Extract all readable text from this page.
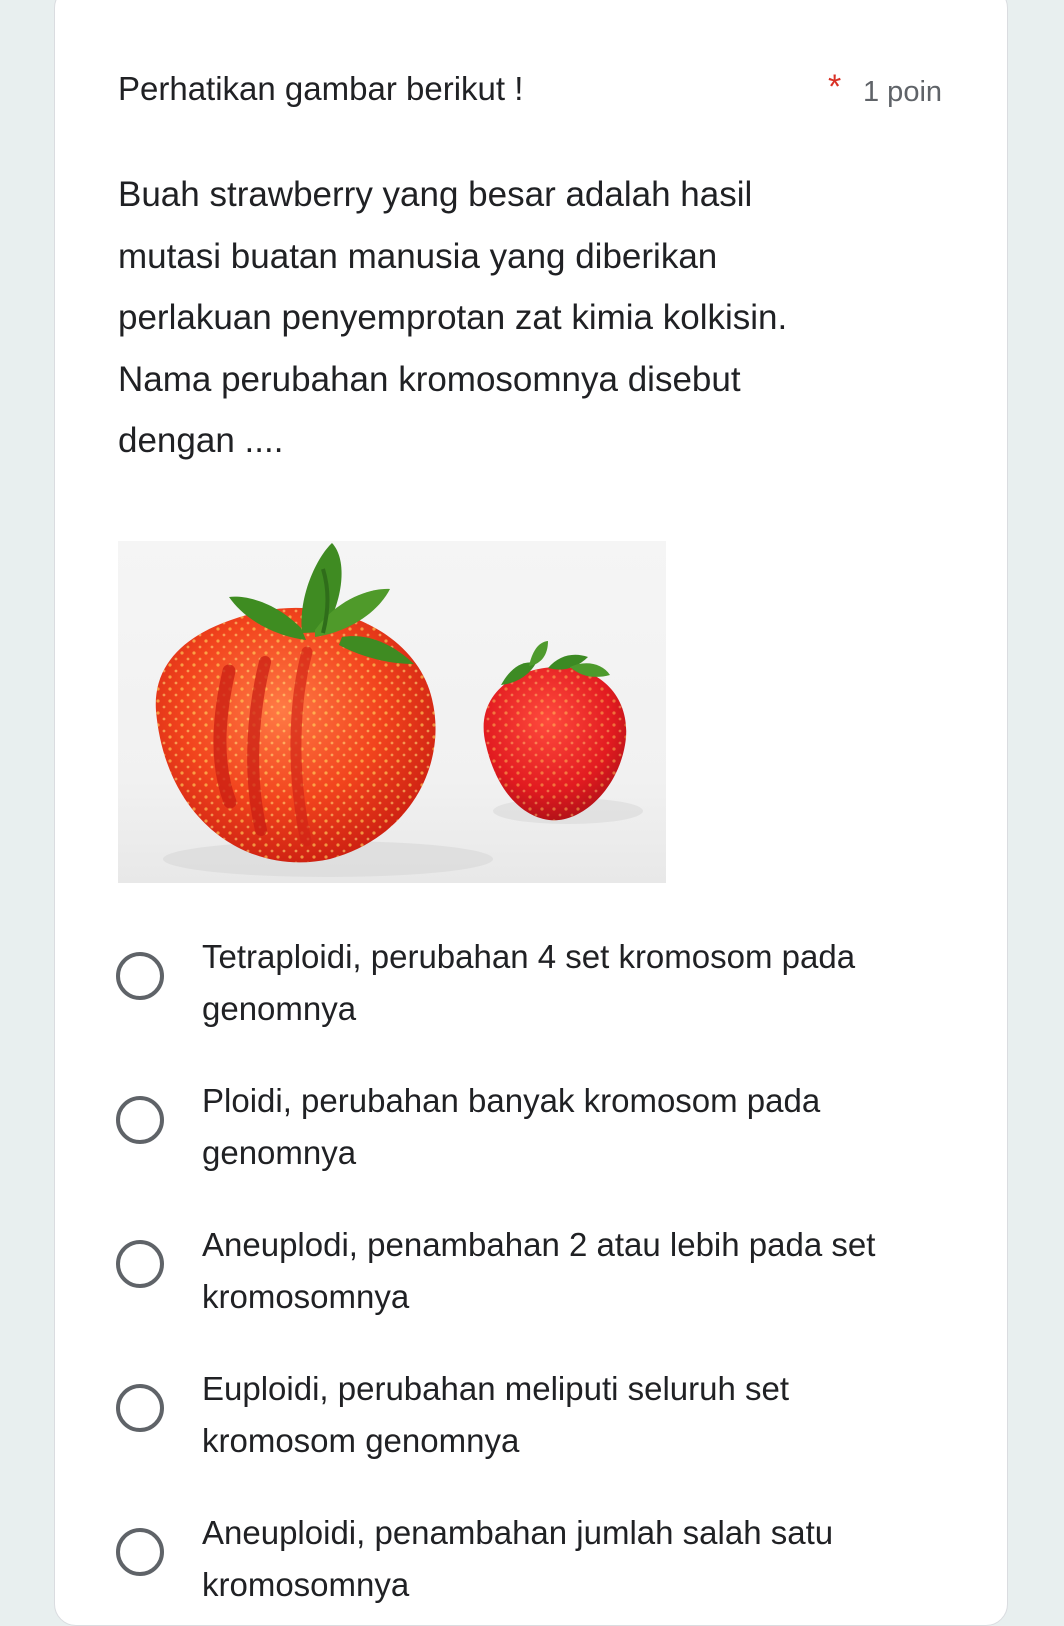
Perhatikan gambar berikut !	* 1 poin
Buah strawberry yang besar adalah hasil mutasi buatan manusia yang diberikan perlakuan penyemprotan zat kimia kolkisin. Nama perubahan kromosomnya disebut dengan ....
Tetraploidi, perubahan 4 set kromosom pada genomnya
Ploidi, perubahan banyak kromosom pada genomnya
Aneuplodi, penambahan 2 atau lebih pada set kromosomnya
Euploidi, perubahan meliputi seluruh set kromosom genomnya
Aneuploidi, penambahan jumlah salah satu kromosomnya
